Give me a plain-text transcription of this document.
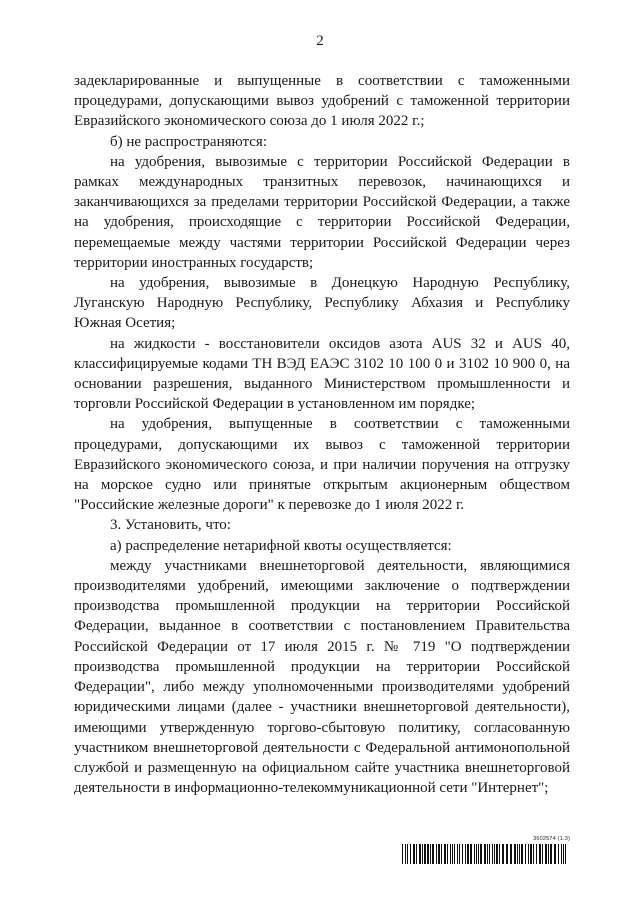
2

задекларированные и выпущенные в соответствии с таможенными процедурами, допускающими вывоз удобрений с таможенной территории Евразийского экономического союза до 1 июля 2022 г.;

б) не распространяются:

на удобрения, вывозимые с территории Российской Федерации в рамках международных транзитных перевозок, начинающихся и заканчивающихся за пределами территории Российской Федерации, а также на удобрения, происходящие с территории Российской Федерации, перемещаемые между частями территории Российской Федерации через территории иностранных государств;

на удобрения, вывозимые в Донецкую Народную Республику, Луганскую Народную Республику, Республику Абхазия и Республику Южная Осетия;

на жидкости - восстановители оксидов азота AUS 32 и AUS 40, классифицируемые кодами ТН ВЭД ЕАЭС 3102 10 100 0 и 3102 10 900 0, на основании разрешения, выданного Министерством промышленности и торговли Российской Федерации в установленном им порядке;

на удобрения, выпущенные в соответствии с таможенными процедурами, допускающими их вывоз с таможенной территории Евразийского экономического союза, и при наличии поручения на отгрузку на морское судно или принятые открытым акционерным обществом "Российские железные дороги" к перевозке до 1 июля 2022 г.

3. Установить, что:

а) распределение нетарифной квоты осуществляется:

между участниками внешнеторговой деятельности, являющимися производителями удобрений, имеющими заключение о подтверждении производства промышленной продукции на территории Российской Федерации, выданное в соответствии с постановлением Правительства Российской Федерации от 17 июля 2015 г. № 719 "О подтверждении производства промышленной продукции на территории Российской Федерации", либо между уполномоченными производителями удобрений юридическими лицами (далее - участники внешнеторговой деятельности), имеющими утвержденную торгово-сбытовую политику, согласованную участником внешнеторговой деятельности с Федеральной антимонопольной службой и размещенную на официальном сайте участника внешнеторговой деятельности в информационно-телекоммуникационной сети "Интернет";

3602574 (1.3)
